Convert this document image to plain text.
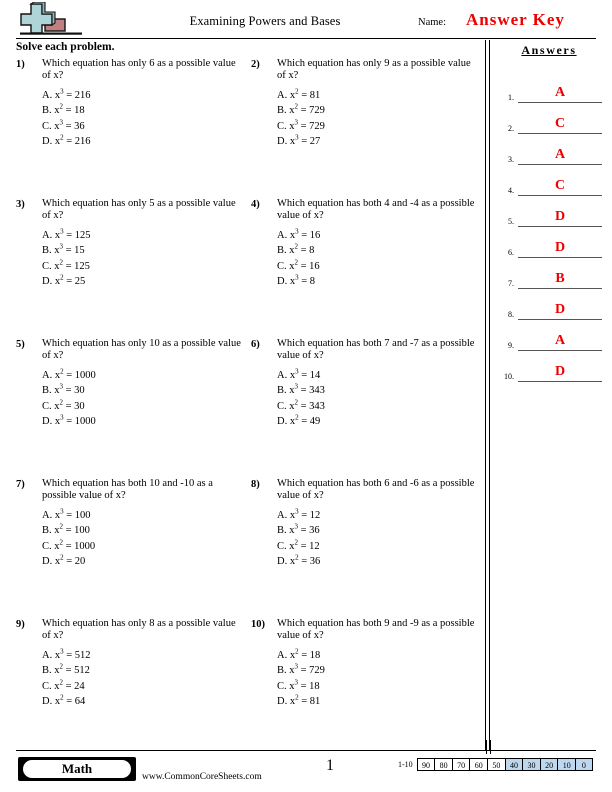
Examining Powers and Bases	Name: Answer Key
Solve each problem.
1)	Which equation has only 6 as a possible value of x?
A. $x^3 = 216$
B. $x^2 = 18$
C. $x^3 = 36$
D. $x^2 = 216$
2)	Which equation has only 9 as a possible value of x?
A. $x^2 = 81$
B. $x^2 = 729$
C. $x^3 = 729$
D. $x^3 = 27$
3)	Which equation has only 5 as a possible value of x?
A. $x^3 = 125$
B. $x^3 = 15$
C. $x^2 = 125$
D. $x^2 = 25$
4)	Which equation has both 4 and -4 as a possible value of x?
A. $x^3 = 16$
B. $x^2 = 8$
C. $x^2 = 16$
D. $x^3 = 8$
5)	Which equation has only 10 as a possible value of x?
A. $x^2 = 1000$
B. $x^3 = 30$
C. $x^2 = 30$
D. $x^3 = 1000$
6)	Which equation has both 7 and -7 as a possible value of x?
A. $x^3 = 14$
B. $x^3 = 343$
C. $x^2 = 343$
D. $x^2 = 49$
7)	Which equation has both 10 and -10 as a possible value of x?
A. $x^3 = 100$
B. $x^2 = 100$
C. $x^2 = 1000$
D. $x^2 = 20$
8)	Which equation has both 6 and -6 as a possible value of x?
A. $x^3 = 12$
B. $x^3 = 36$
C. $x^2 = 12$
D. $x^2 = 36$
9)	Which equation has only 8 as a possible value of x?
A. $x^3 = 512$
B. $x^2 = 512$
C. $x^2 = 24$
D. $x^2 = 64$
10)	Which equation has both 9 and -9 as a possible value of x?
A. $x^2 = 18$
B. $x^3 = 729$
C. $x^3 = 18$
D. $x^2 = 81$
Answers
1.	A
2.	C
3.	A
4.	C
5.	D
6.	D
7.	B
8.	D
9.	A
10.	D
Math
www.CommonCoreSheets.com
1	1-10	90	80	70	60	50	40	30	20	10	0
